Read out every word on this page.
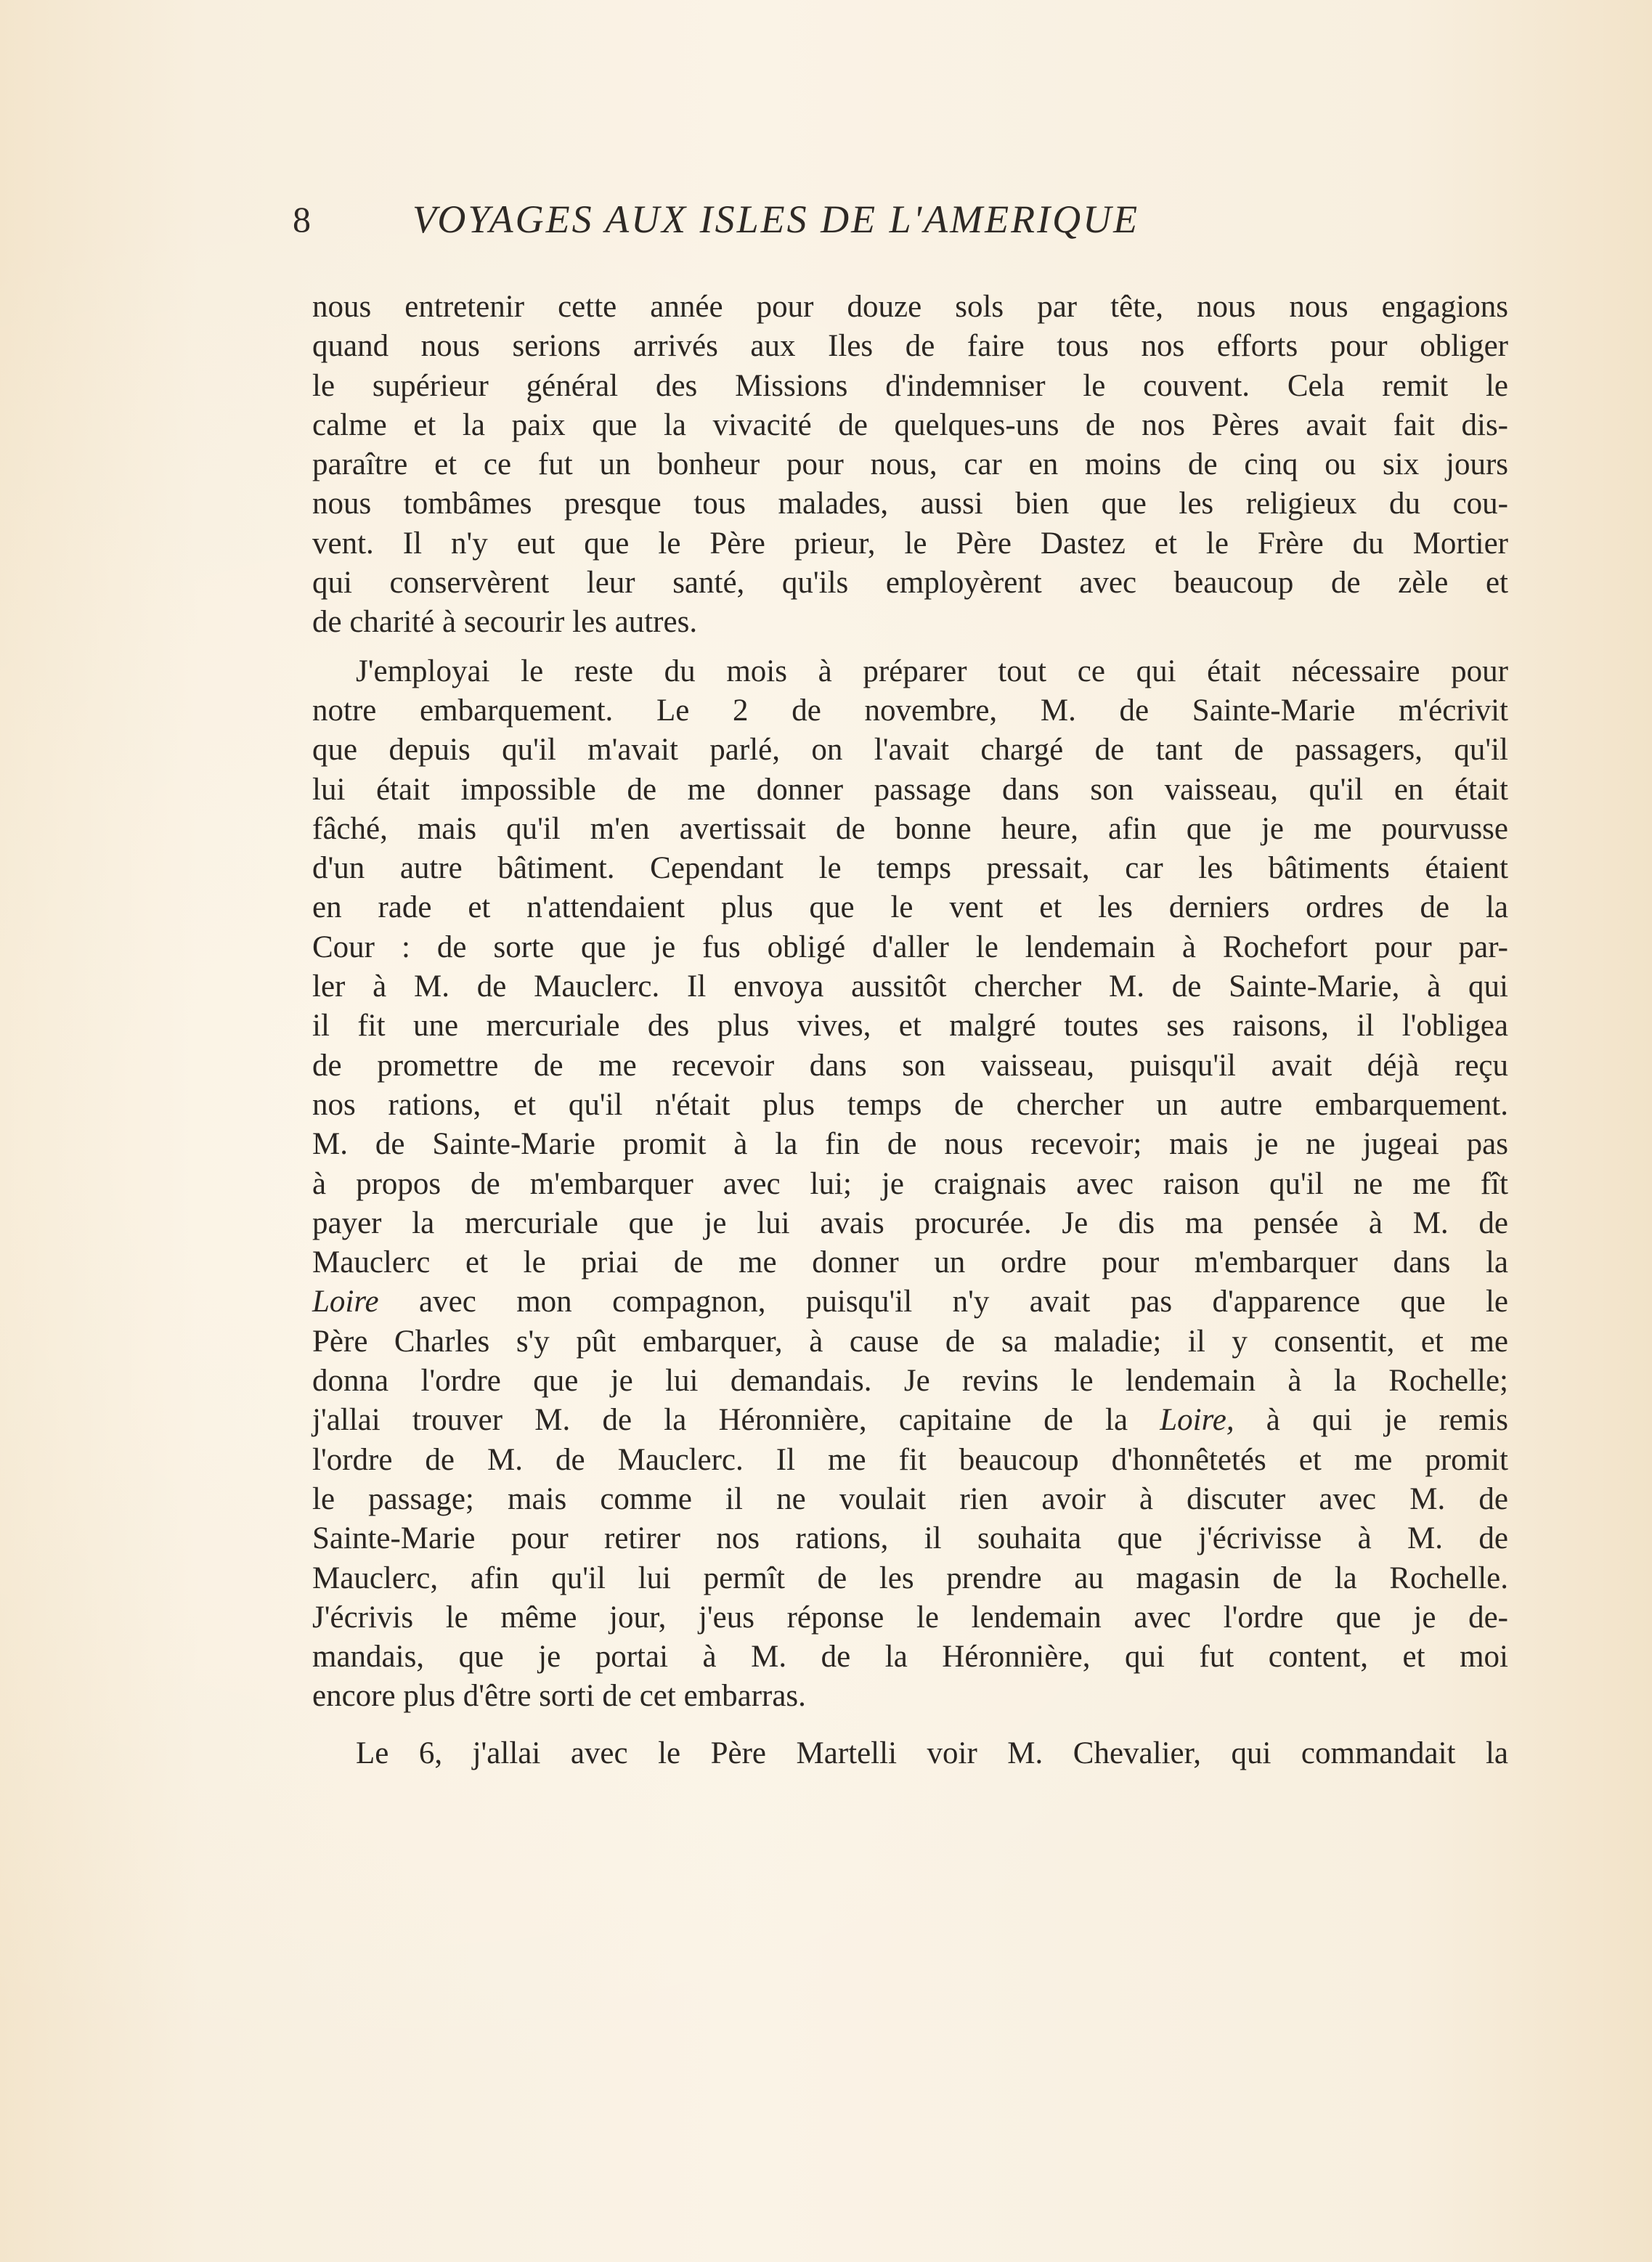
8	VOYAGES AUX ISLES DE L'AMERIQUE

nous entretenir cette année pour douze sols par tête, nous nous engagions
quand nous serions arrivés aux Iles de faire tous nos efforts pour obliger
le supérieur général des Missions d'indemniser le couvent. Cela remit le
calme et la paix que la vivacité de quelques-uns de nos Pères avait fait dis-
paraître et ce fut un bonheur pour nous, car en moins de cinq ou six jours
nous tombâmes presque tous malades, aussi bien que les religieux du cou-
vent. Il n'y eut que le Père prieur, le Père Dastez et le Frère du Mortier
qui conservèrent leur santé, qu'ils employèrent avec beaucoup de zèle et
de charité à secourir les autres.

J'employai le reste du mois à préparer tout ce qui était nécessaire pour
notre embarquement. Le 2 de novembre, M. de Sainte-Marie m'écrivit
que depuis qu'il m'avait parlé, on l'avait chargé de tant de passagers, qu'il
lui était impossible de me donner passage dans son vaisseau, qu'il en était
fâché, mais qu'il m'en avertissait de bonne heure, afin que je me pourvusse
d'un autre bâtiment. Cependant le temps pressait, car les bâtiments étaient
en rade et n'attendaient plus que le vent et les derniers ordres de la
Cour : de sorte que je fus obligé d'aller le lendemain à Rochefort pour par-
ler à M. de Mauclerc. Il envoya aussitôt chercher M. de Sainte-Marie, à qui
il fit une mercuriale des plus vives, et malgré toutes ses raisons, il l'obligea
de promettre de me recevoir dans son vaisseau, puisqu'il avait déjà reçu
nos rations, et qu'il n'était plus temps de chercher un autre embarquement.
M. de Sainte-Marie promit à la fin de nous recevoir; mais je ne jugeai pas
à propos de m'embarquer avec lui; je craignais avec raison qu'il ne me fît
payer la mercuriale que je lui avais procurée. Je dis ma pensée à M. de
Mauclerc et le priai de me donner un ordre pour m'embarquer dans la
Loire avec mon compagnon, puisqu'il n'y avait pas d'apparence que le
Père Charles s'y pût embarquer, à cause de sa maladie; il y consentit, et me
donna l'ordre que je lui demandais. Je revins le lendemain à la Rochelle;
j'allai trouver M. de la Héronnière, capitaine de la Loire, à qui je remis
l'ordre de M. de Mauclerc. Il me fit beaucoup d'honnêtetés et me promit
le passage; mais comme il ne voulait rien avoir à discuter avec M. de
Sainte-Marie pour retirer nos rations, il souhaita que j'écrivisse à M. de
Mauclerc, afin qu'il lui permît de les prendre au magasin de la Rochelle.
J'écrivis le même jour, j'eus réponse le lendemain avec l'ordre que je de-
mandais, que je portai à M. de la Héronnière, qui fut content, et moi
encore plus d'être sorti de cet embarras.

Le 6, j'allai avec le Père Martelli voir M. Chevalier, qui commandait la
